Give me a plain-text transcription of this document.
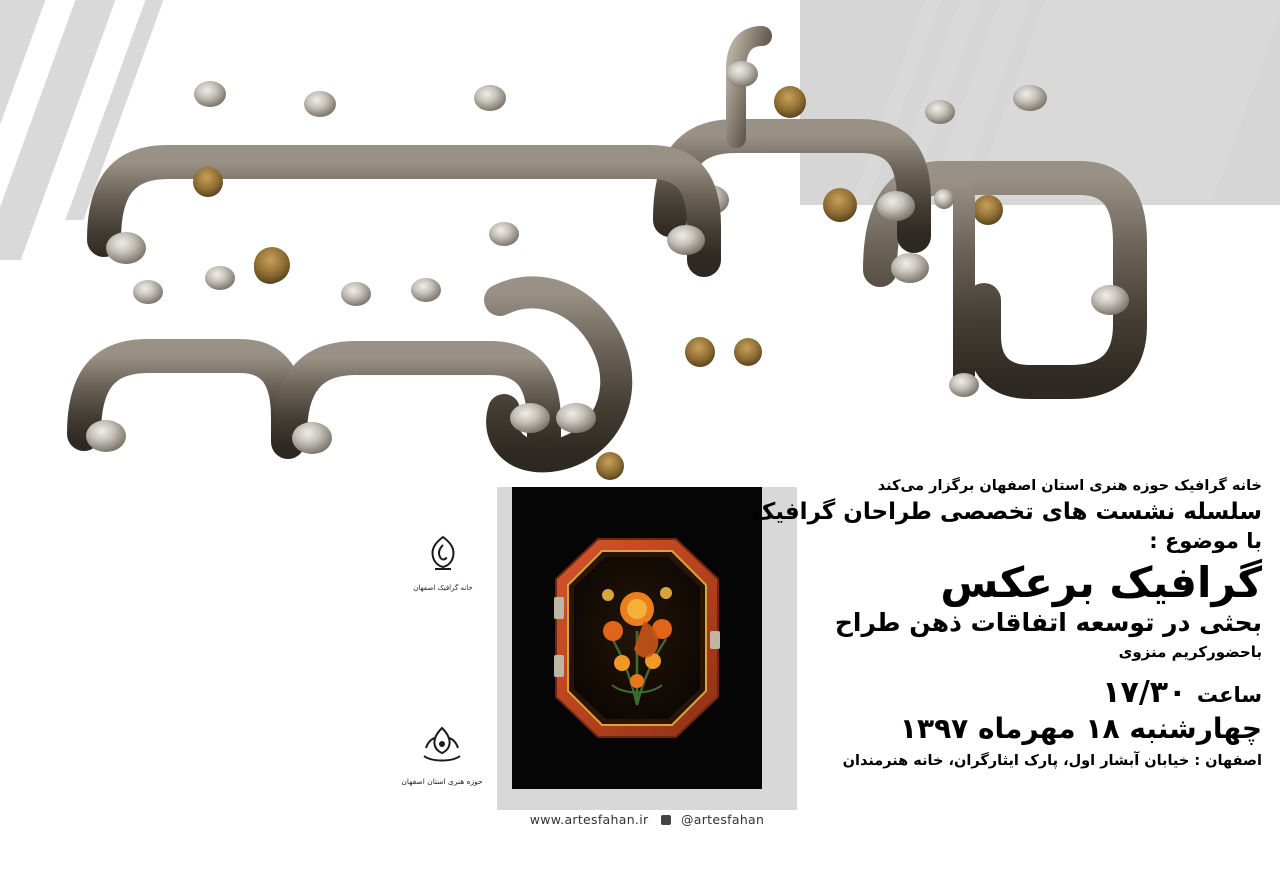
خانه گرافیک اصفهان
حوزه هنری استان اصفهان
خانه گرافیک حوزه هنری استان اصفهان برگزار می‌کند
سلسله نشست های تخصصی طراحان گرافیک
با موضوع :
گرافیک برعکس
بحثی در توسعه اتفاقات ذهن طراح
باحضورکریم منزوی
ساعت ۱۷/۳۰
چهارشنبه ۱۸ مهرماه ۱۳۹۷
اصفهان : خیابان آبشار اول، پارک ایثارگران، خانه هنرمندان
www.artesfahan.ir	@artesfahan
